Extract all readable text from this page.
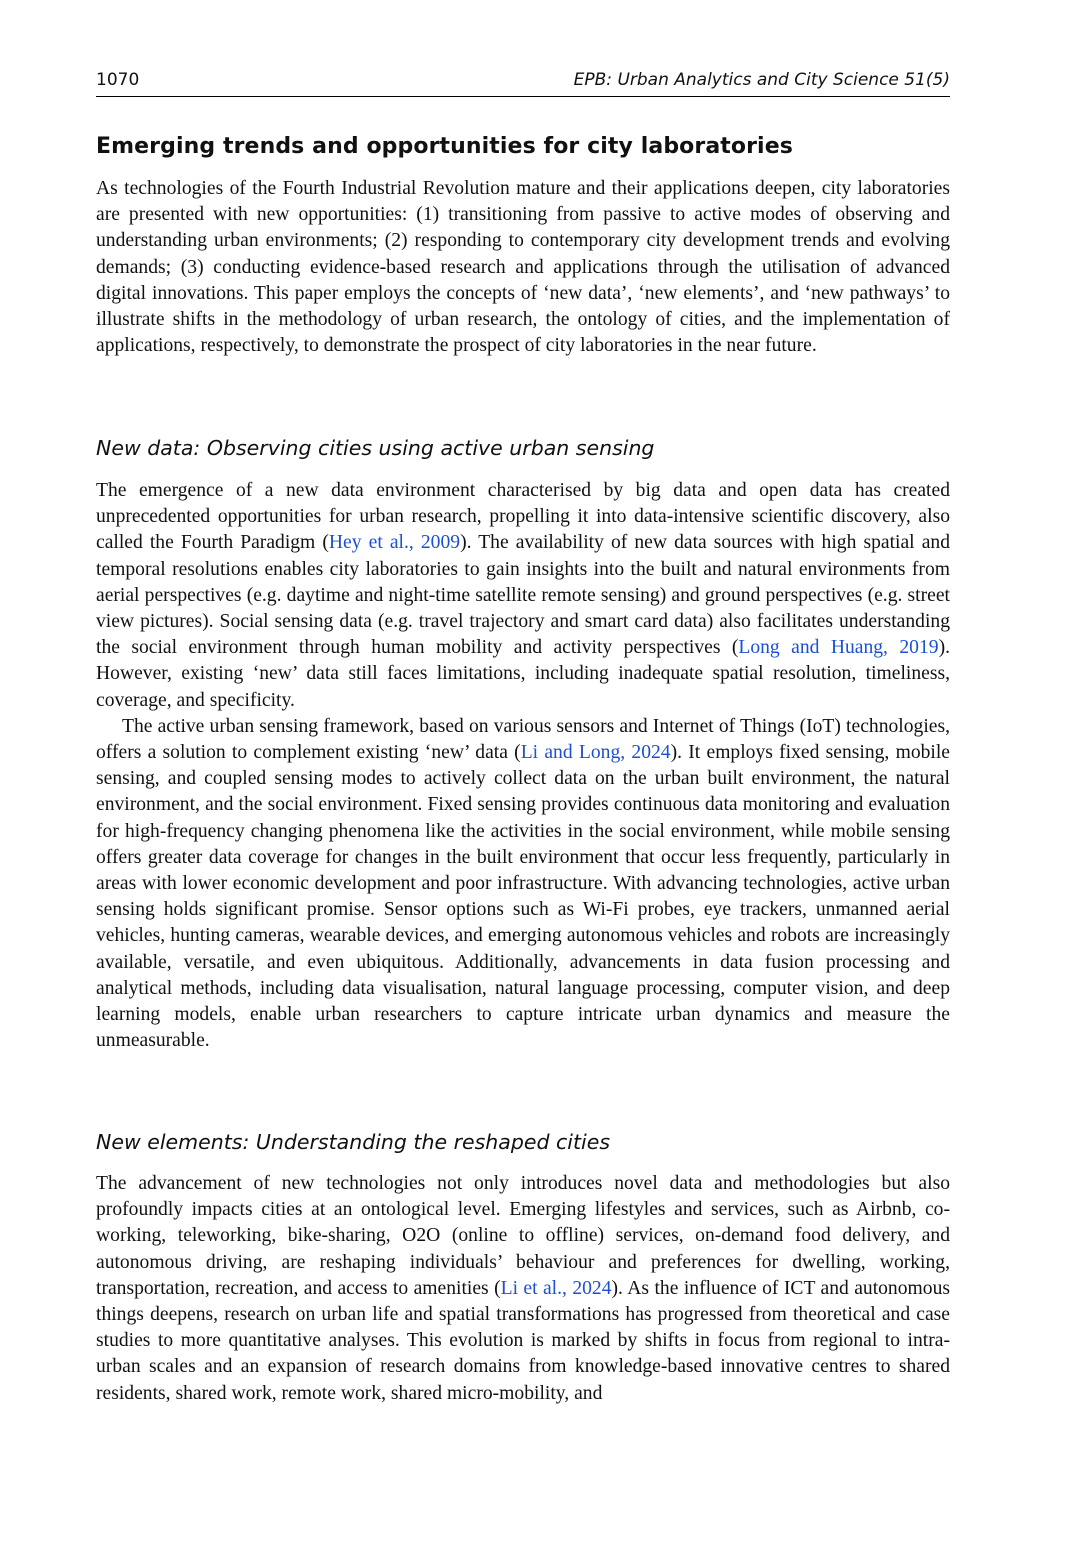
1070	EPB: Urban Analytics and City Science 51(5)
Emerging trends and opportunities for city laboratories

As technologies of the Fourth Industrial Revolution mature and their applications deepen, city laboratories are presented with new opportunities: (1) transitioning from passive to active modes of observing and understanding urban environments; (2) responding to contemporary city development trends and evolving demands; (3) conducting evidence-based research and applications through the utilisation of advanced digital innovations. This paper employs the concepts of ‘new data’, ‘new elements’, and ‘new pathways’ to illustrate shifts in the methodology of urban research, the ontology of cities, and the implementation of applications, respectively, to demonstrate the prospect of city laboratories in the near future.

New data: Observing cities using active urban sensing

The emergence of a new data environment characterised by big data and open data has created unprecedented opportunities for urban research, propelling it into data-intensive scientific discovery, also called the Fourth Paradigm (Hey et al., 2009). The availability of new data sources with high spatial and temporal resolutions enables city laboratories to gain insights into the built and natural environments from aerial perspectives (e.g. daytime and night-time satellite remote sensing) and ground perspectives (e.g. street view pictures). Social sensing data (e.g. travel trajectory and smart card data) also facilitates understanding the social environment through human mobility and activity perspectives (Long and Huang, 2019). However, existing ‘new’ data still faces limitations, including inadequate spatial resolution, timeliness, coverage, and specificity.

The active urban sensing framework, based on various sensors and Internet of Things (IoT) technologies, offers a solution to complement existing ‘new’ data (Li and Long, 2024). It employs fixed sensing, mobile sensing, and coupled sensing modes to actively collect data on the urban built environment, the natural environment, and the social environment. Fixed sensing provides continuous data monitoring and evaluation for high-frequency changing phenomena like the activities in the social environment, while mobile sensing offers greater data coverage for changes in the built environment that occur less frequently, particularly in areas with lower economic development and poor infrastructure. With advancing technologies, active urban sensing holds significant promise. Sensor options such as Wi-Fi probes, eye trackers, unmanned aerial vehicles, hunting cameras, wearable devices, and emerging autonomous vehicles and robots are increasingly available, versatile, and even ubiquitous. Additionally, advancements in data fusion processing and analytical methods, including data visualisation, natural language processing, computer vision, and deep learning models, enable urban researchers to capture intricate urban dynamics and measure the unmeasurable.

New elements: Understanding the reshaped cities

The advancement of new technologies not only introduces novel data and methodologies but also profoundly impacts cities at an ontological level. Emerging lifestyles and services, such as Airbnb, co-working, teleworking, bike-sharing, O2O (online to offline) services, on-demand food delivery, and autonomous driving, are reshaping individuals’ behaviour and preferences for dwelling, working, transportation, recreation, and access to amenities (Li et al., 2024). As the influence of ICT and autonomous things deepens, research on urban life and spatial transformations has progressed from theoretical and case studies to more quantitative analyses. This evolution is marked by shifts in focus from regional to intra-urban scales and an expansion of research domains from knowledge-based innovative centres to shared residents, shared work, remote work, shared micro-mobility, and
